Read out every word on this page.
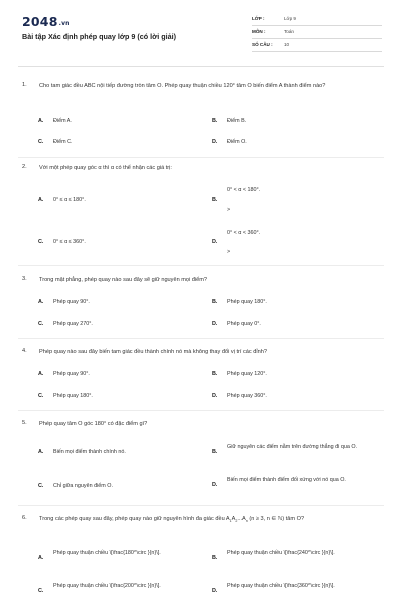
2048.vn
Bài tập Xác định phép quay lớp 9 (có lời giải)
LỚP :	Lớp 9
MÔN :	Toán
SỐ CÂU : 10
1. Cho tam giác đều ABC nội tiếp đường tròn tâm O. Phép quay thuận chiều 120° tâm O biến điểm A thành điểm nào?
A. Điểm A.	B. Điểm B.
C. Điểm C.	D. Điểm O.
2. Với một phép quay góc α thì α có thể nhận các giá trị:
A. 0° ≤ α ≤ 180°.	B.
0° < α < 180°.
>
C. 0° ≤ α ≤ 360°.	D.
0° < α < 360°.
>
3. Trong mặt phẳng, phép quay nào sau đây sẽ giữ nguyên mọi điểm?
A. Phép quay 90°.	B. Phép quay 180°.
C. Phép quay 270°.	D. Phép quay 0°.
4. Phép quay nào sau đây biến tam giác đều thành chính nó mà không thay đổi vị trí các đỉnh?
A. Phép quay 90°.	B. Phép quay 120°.
C. Phép quay 180°.	D. Phép quay 360°.
5. Phép quay tâm O góc 180° có đặc điểm gì?
A. Biến mọi điểm thành chính nó.	B.
Giữ nguyên các điểm nằm trên đường thẳng đi qua O.
C. Chỉ giữa nguyên điểm O.	D.
Biến mọi điểm thành điểm đối xứng với nó qua O.
6. Trong các phép quay sau đây, phép quay nào giữ nguyên hình đa giác đều $A_1A_2...A_n$ (n ≥ 3, n ∈ ℕ) tâm O?
A.
Phép quay thuận chiều \[\frac{180^\circ }{n}\].
B.
Phép quay thuận chiều \[\frac{240^\circ }{n}\].
C.
Phép quay thuận chiều \[\frac{200^\circ }{n}\].
D.
Phép quay thuận chiều \[\frac{360^\circ }{n}\].
